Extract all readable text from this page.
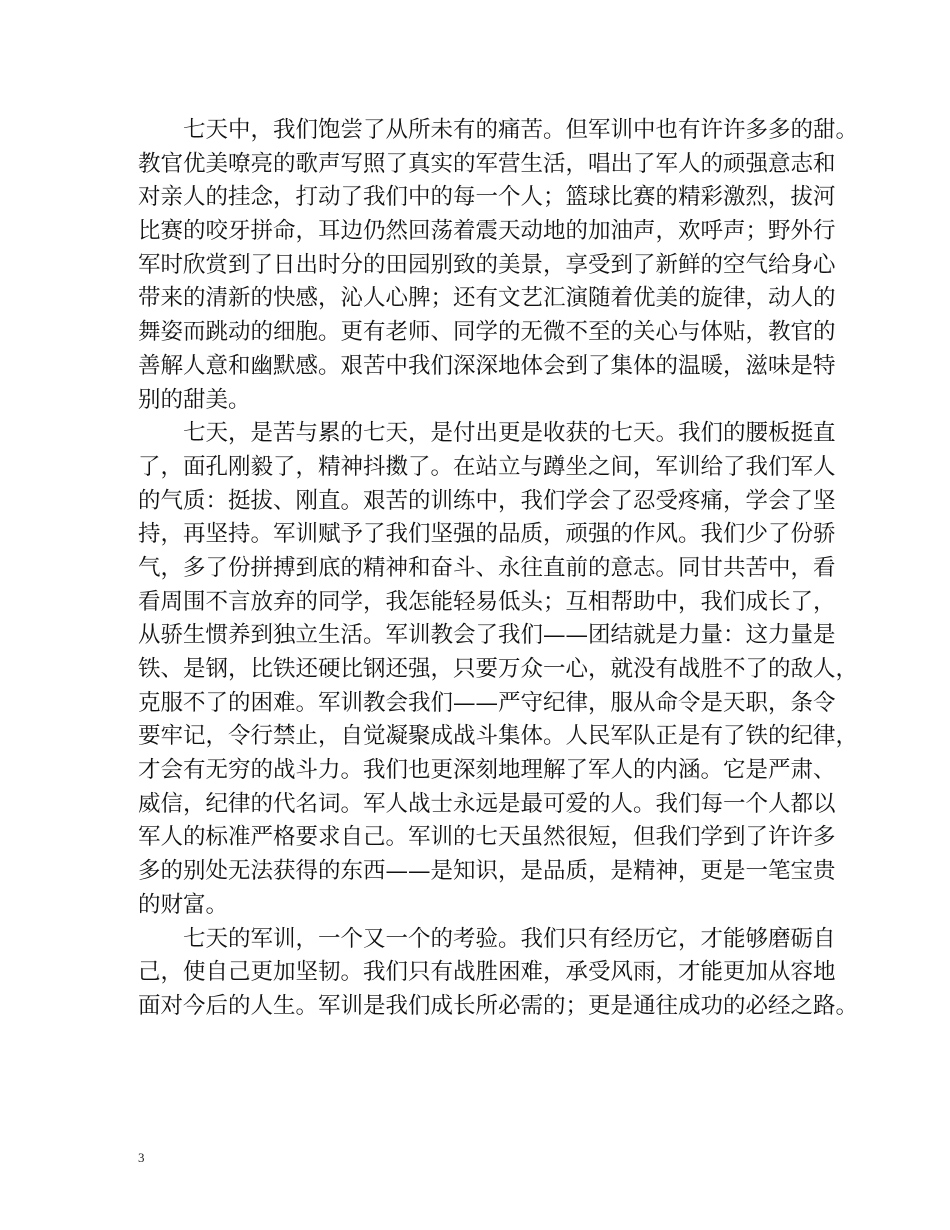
七天中，我们饱尝了从所未有的痛苦。但军训中也有许许多多的甜。
教官优美嘹亮的歌声写照了真实的军营生活，唱出了军人的顽强意志和
对亲人的挂念，打动了我们中的每一个人；篮球比赛的精彩激烈，拔河
比赛的咬牙拼命，耳边仍然回荡着震天动地的加油声，欢呼声；野外行
军时欣赏到了日出时分的田园别致的美景，享受到了新鲜的空气给身心
带来的清新的快感，沁人心脾；还有文艺汇演随着优美的旋律，动人的
舞姿而跳动的细胞。更有老师、同学的无微不至的关心与体贴，教官的
善解人意和幽默感。艰苦中我们深深地体会到了集体的温暖，滋味是特
别的甜美。
七天，是苦与累的七天，是付出更是收获的七天。我们的腰板挺直
了，面孔刚毅了，精神抖擞了。在站立与蹲坐之间，军训给了我们军人
的气质：挺拔、刚直。艰苦的训练中，我们学会了忍受疼痛，学会了坚
持，再坚持。军训赋予了我们坚强的品质，顽强的作风。我们少了份骄
气，多了份拼搏到底的精神和奋斗、永往直前的意志。同甘共苦中，看
看周围不言放弃的同学，我怎能轻易低头；互相帮助中，我们成长了，
从骄生惯养到独立生活。军训教会了我们——团结就是力量：这力量是
铁、是钢，比铁还硬比钢还强，只要万众一心，就没有战胜不了的敌人，
克服不了的困难。军训教会我们——严守纪律，服从命令是天职，条令
要牢记，令行禁止，自觉凝聚成战斗集体。人民军队正是有了铁的纪律，
才会有无穷的战斗力。我们也更深刻地理解了军人的内涵。它是严肃、
威信，纪律的代名词。军人战士永远是最可爱的人。我们每一个人都以
军人的标准严格要求自己。军训的七天虽然很短，但我们学到了许许多
多的别处无法获得的东西——是知识，是品质，是精神，更是一笔宝贵
的财富。
七天的军训，一个又一个的考验。我们只有经历它，才能够磨砺自
己，使自己更加坚韧。我们只有战胜困难，承受风雨，才能更加从容地
面对今后的人生。军训是我们成长所必需的；更是通往成功的必经之路。
3
